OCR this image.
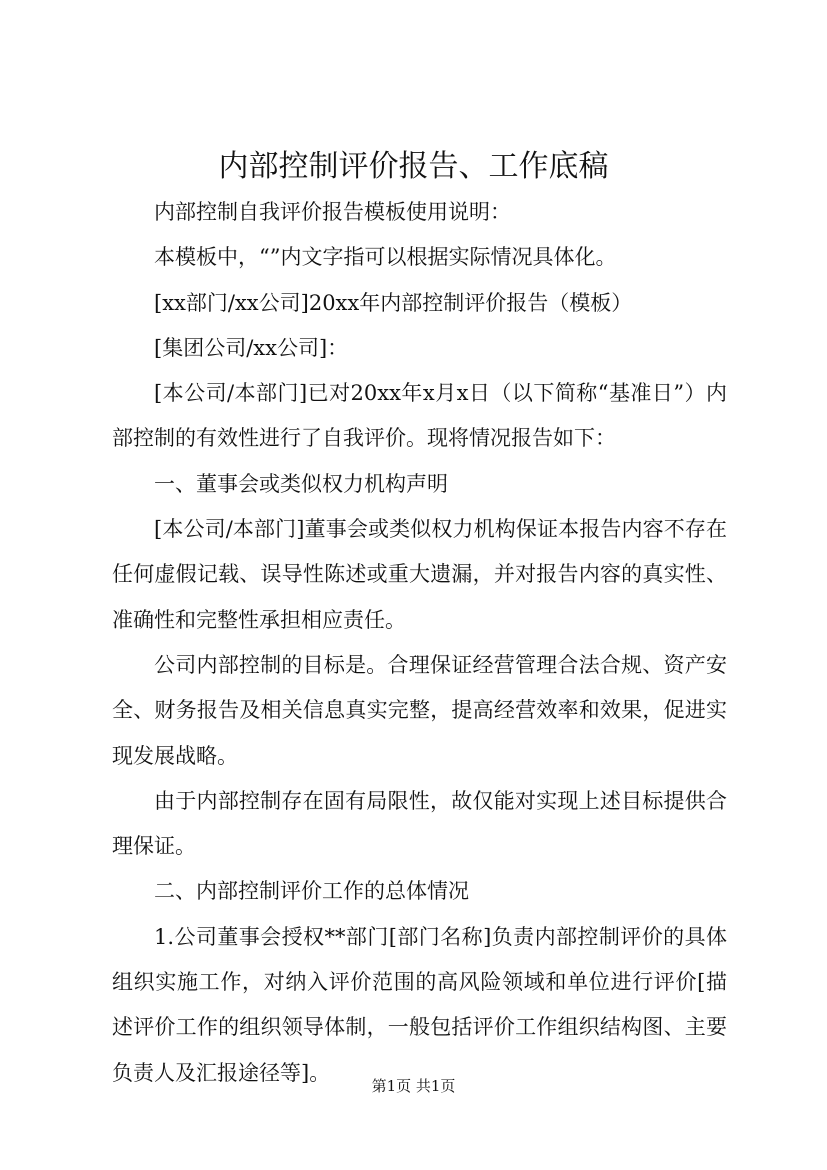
内部控制评价报告、工作底稿

内部控制自我评价报告模板使用说明：

本模板中，“”内文字指可以根据实际情况具体化。

[xx部门/xx公司]20xx年内部控制评价报告（模板）

[集团公司/xx公司]：

[本公司/本部门]已对20xx年x月x日（以下简称“基准日”）内部控制的有效性进行了自我评价。现将情况报告如下：

一、董事会或类似权力机构声明

[本公司/本部门]董事会或类似权力机构保证本报告内容不存在任何虚假记载、误导性陈述或重大遗漏，并对报告内容的真实性、准确性和完整性承担相应责任。

公司内部控制的目标是。合理保证经营管理合法合规、资产安全、财务报告及相关信息真实完整，提高经营效率和效果，促进实现发展战略。

由于内部控制存在固有局限性，故仅能对实现上述目标提供合理保证。

二、内部控制评价工作的总体情况

1.公司董事会授权**部门[部门名称]负责内部控制评价的具体组织实施工作，对纳入评价范围的高风险领域和单位进行评价[描述评价工作的组织领导体制，一般包括评价工作组织结构图、主要负责人及汇报途径等]。

第1页 共1页
